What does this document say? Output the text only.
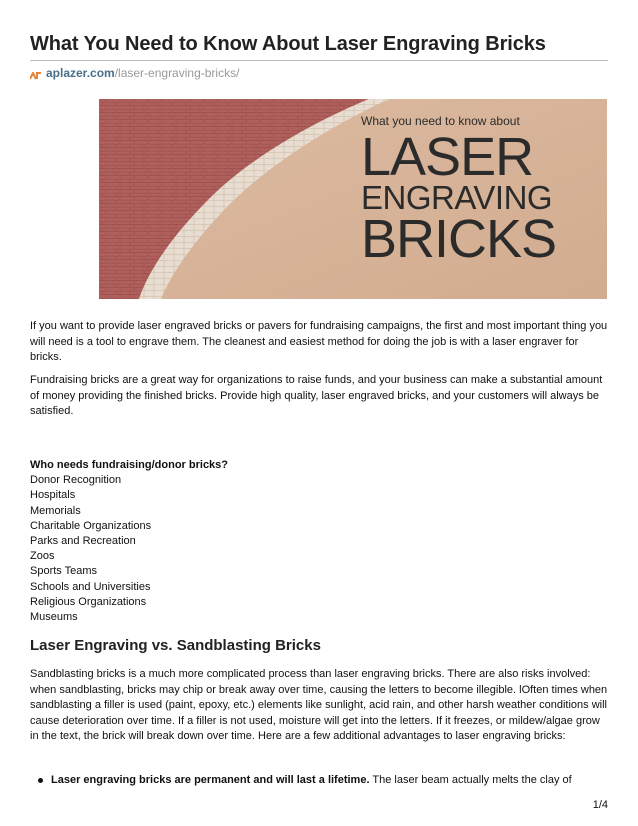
What You Need to Know About Laser Engraving Bricks
aplazer.com /laser-engraving-bricks/
What you need to know about
LASER
ENGRAVING
BRICKS

If you want to provide laser engraved bricks or pavers for fundraising campaigns, the first and most important thing you will need is a tool to engrave them. The cleanest and easiest method for doing the job is with a laser engraver for bricks.

Fundraising bricks are a great way for organizations to raise funds, and your business can make a substantial amount of money providing the finished bricks. Provide high quality, laser engraved bricks, and your customers will always be satisfied.

Who needs fundraising/donor bricks?
Donor Recognition
Hospitals
Memorials
Charitable Organizations
Parks and Recreation
Zoos
Sports Teams
Schools and Universities
Religious Organizations
Museums
Laser Engraving vs. Sandblasting Bricks

Sandblasting bricks is a much more complicated process than laser engraving bricks. There are also risks involved: when sandblasting, bricks may chip or break away over time, causing the letters to become illegible. lOften times when sandblasting a filler is used (paint, epoxy, etc.) elements like sunlight, acid rain, and other harsh weather conditions will cause deterioration over time. If a filler is not used, moisture will get into the letters. If it freezes, or mildew/algae grow in the text, the brick will break down over time. Here are a few additional advantages to laser engraving bricks:

Laser engraving bricks are permanent and will last a lifetime. The laser beam actually melts the clay of
1/4
